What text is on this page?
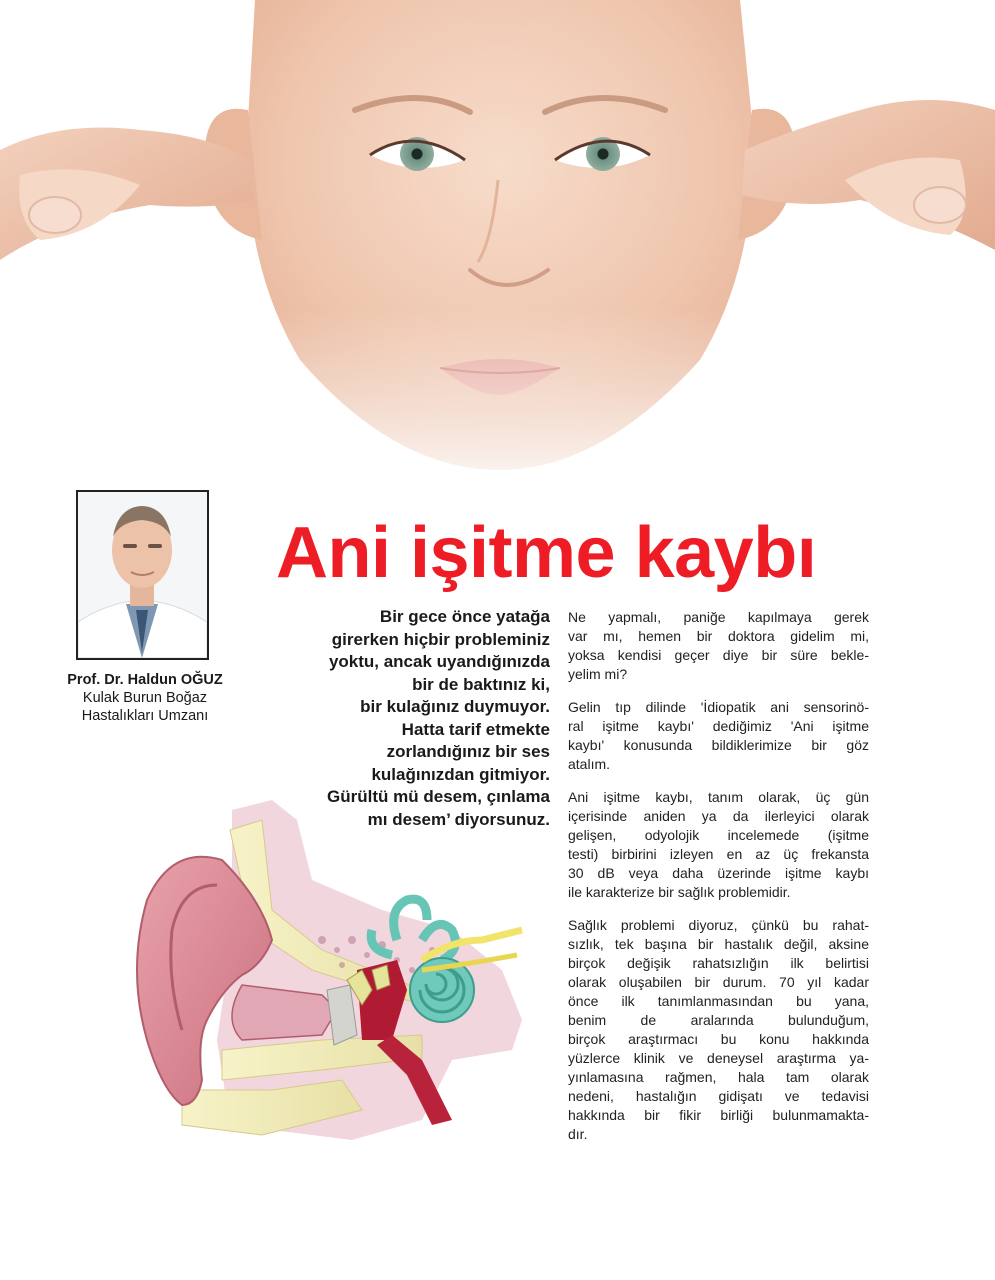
Ani işitme kaybı
Prof. Dr. Haldun OĞUZ
Kulak Burun Boğaz
Hastalıkları Umzanı
Bir gece önce yatağa
girerken hiçbir probleminiz
yoktu, ancak uyandığınızda
bir de baktınız ki,
bir kulağınız duymuyor.
Hatta tarif etmekte
zorlandığınız bir ses
kulağınızdan gitmiyor.
Gürültü mü desem, çınlama
mı desem’ diyorsunuz.

Ne yapmalı, paniğe kapılmaya gerek
var mı, hemen bir doktora gidelim mi,
yoksa kendisi geçer diye bir süre bekle-
yelim mi?

Gelin tıp dilinde 'İdiopatik ani sensorinö-
ral işitme kaybı' dediğimiz 'Ani işitme
kaybı' konusunda bildiklerimize bir göz
atalım.

Ani işitme kaybı, tanım olarak, üç gün
içerisinde aniden ya da ilerleyici olarak
gelişen, odyolojik incelemede (işitme
testi) birbirini izleyen en az üç frekansta
30 dB veya daha üzerinde işitme kaybı
ile karakterize bir sağlık problemidir.

Sağlık problemi diyoruz, çünkü bu rahat-
sızlık, tek başına bir hastalık değil, aksine
birçok değişik rahatsızlığın ilk belirtisi
olarak oluşabilen bir durum. 70 yıl kadar
önce ilk tanımlanmasından bu yana,
benim de aralarında bulunduğum,
birçok araştırmacı bu konu hakkında
yüzlerce klinik ve deneysel araştırma ya-
yınlamasına rağmen, hala tam olarak
nedeni, hastalığın gidişatı ve tedavisi
hakkında bir fikir birliği bulunmamakta-
dır.
